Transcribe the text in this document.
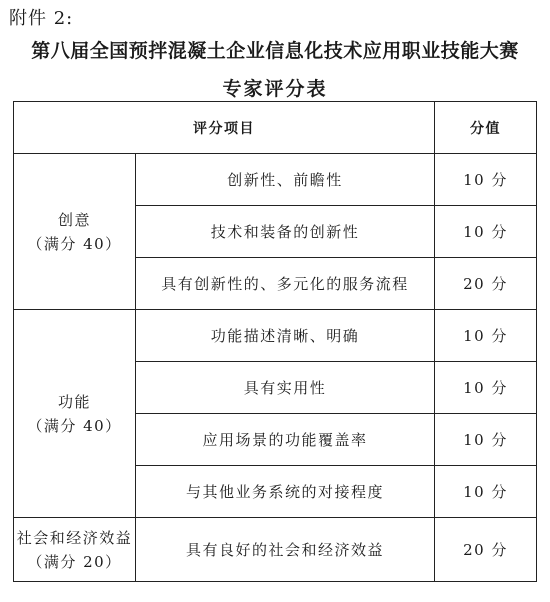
附件 2:
第八届全国预拌混凝土企业信息化技术应用职业技能大赛
专家评分表
评分项目		分值

创意
（满分 40）	创新性、前瞻性	10 分
	技术和装备的创新性	10 分
	具有创新性的、多元化的服务流程	20 分

功能
（满分 40）	功能描述清晰、明确	10 分
	具有实用性	10 分
	应用场景的功能覆盖率	10 分
	与其他业务系统的对接程度	10 分

社会和经济效益
（满分 20）	具有良好的社会和经济效益	20 分
